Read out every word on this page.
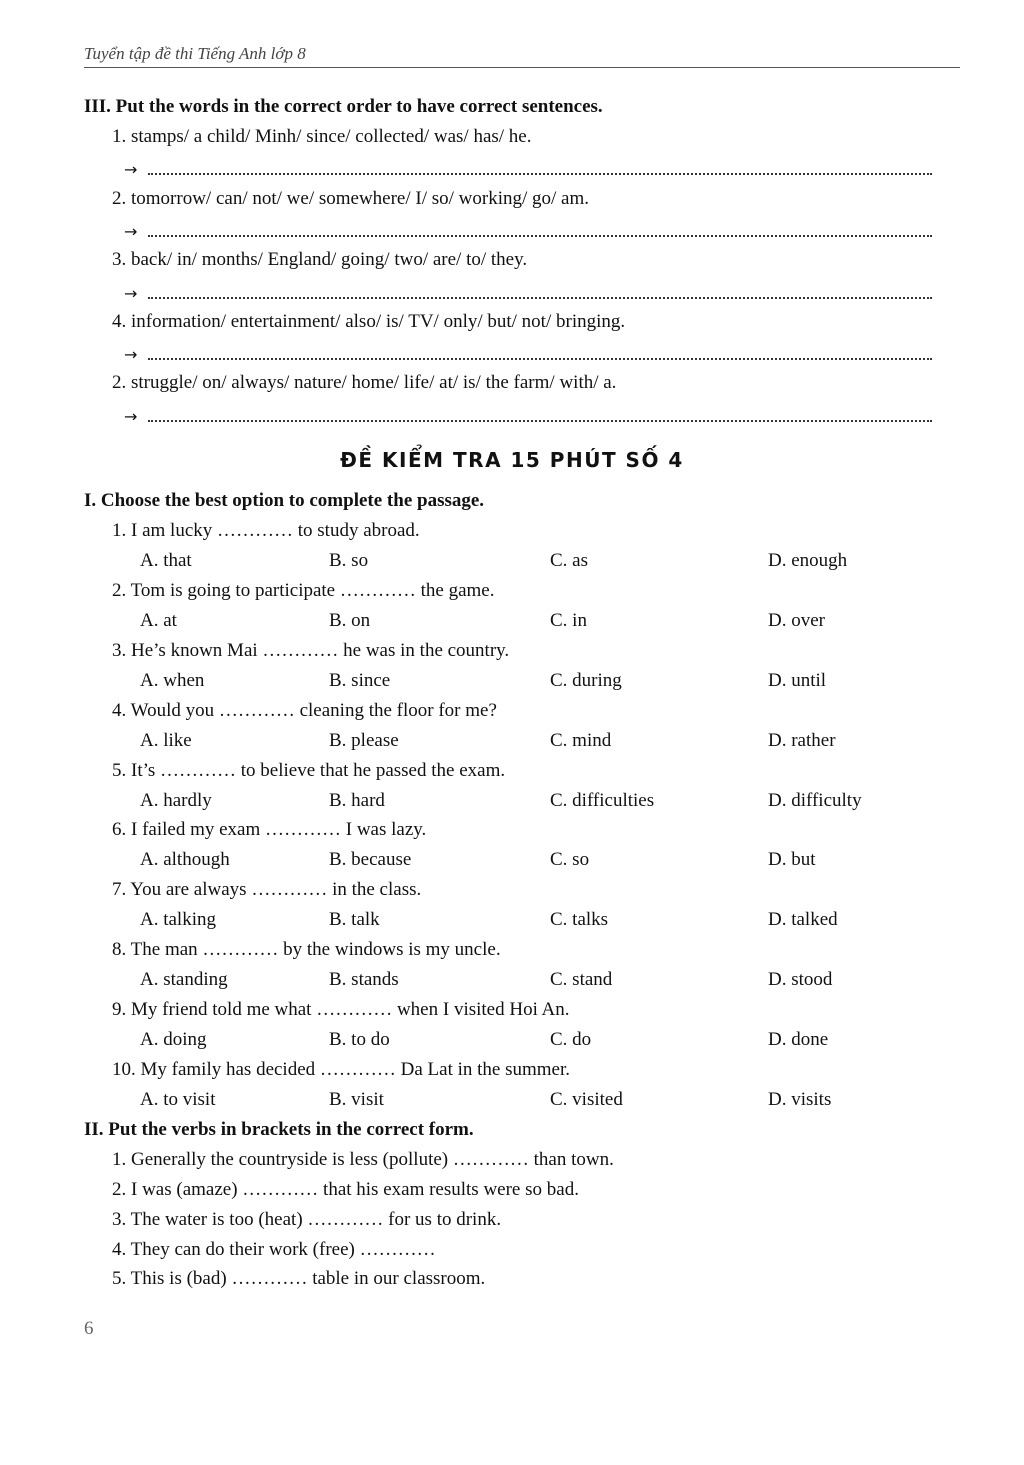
Tuyển tập đề thi Tiếng Anh lớp 8
III. Put the words in the correct order to have correct sentences.
1. stamps/ a child/ Minh/ since/ collected/ was/ has/ he.
→
2. tomorrow/ can/ not/ we/ somewhere/ I/ so/ working/ go/ am.
→
3. back/ in/ months/ England/ going/ two/ are/ to/ they.
→
4. information/ entertainment/ also/ is/ TV/ only/ but/ not/ bringing.
→
2. struggle/ on/ always/ nature/ home/ life/ at/ is/ the farm/ with/ a.
→
ĐỀ KIỂM TRA 15 PHÚT SỐ 4
I. Choose the best option to complete the passage.
1. I am lucky ………… to study abroad.
A. that	B. so	C. as	D. enough
2. Tom is going to participate ………… the game.
A. at	B. on	C. in	D. over
3. He’s known Mai ………… he was in the country.
A. when	B. since	C. during	D. until
4. Would you ………… cleaning the floor for me?
A. like	B. please	C. mind	D. rather
5. It’s ………… to believe that he passed the exam.
A. hardly	B. hard	C. difficulties	D. difficulty
6. I failed my exam ………… I was lazy.
A. although	B. because	C. so	D. but
7. You are always ………… in the class.
A. talking	B. talk	C. talks	D. talked
8. The man ………… by the windows is my uncle.
A. standing	B. stands	C. stand	D. stood
9. My friend told me what ………… when I visited Hoi An.
A. doing	B. to do	C. do	D. done
10. My family has decided ………… Da Lat in the summer.
A. to visit	B. visit	C. visited	D. visits
II. Put the verbs in brackets in the correct form.
1. Generally the countryside is less (pollute) ………… than town.
2. I was (amaze) ………… that his exam results were so bad.
3. The water is too (heat) ………… for us to drink.
4. They can do their work (free) …………
5. This is (bad) ………… table in our classroom.
6
